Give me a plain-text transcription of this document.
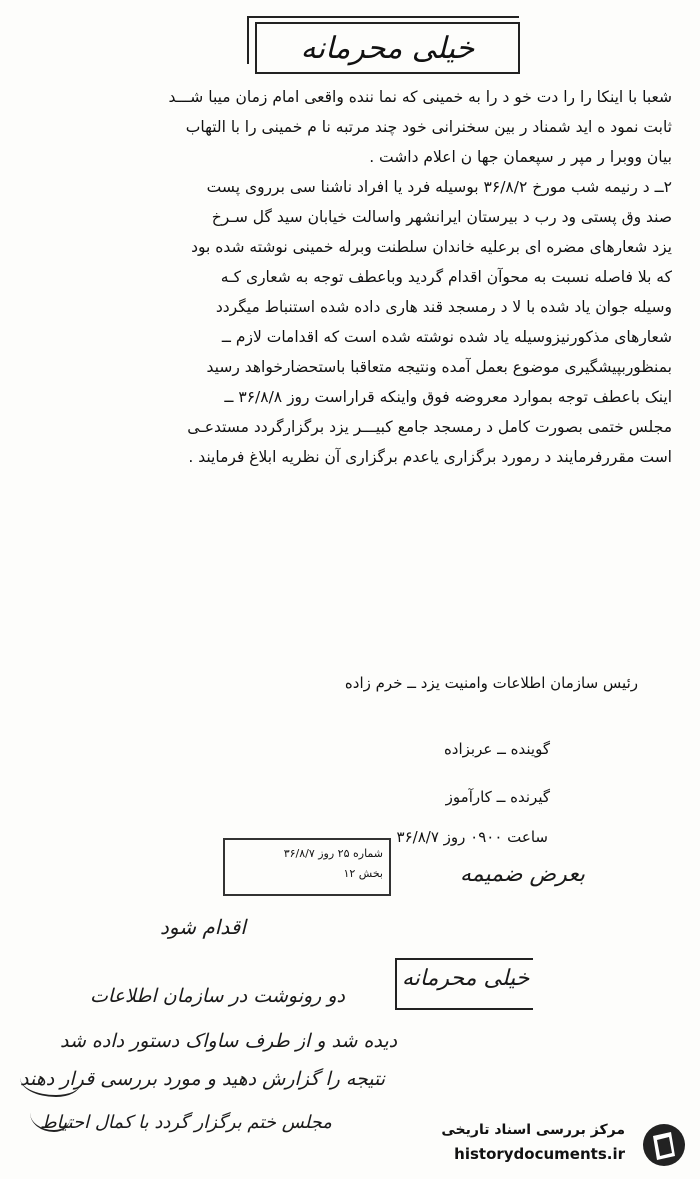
خیلی محرمانه
شعبا با اینکا را را دت خو د را به خمینی که نما ننده واقعی امام زمان میبا شـــد
ثابت نمود ه اید شمناد ر بین سخنرانی خود چند مرتبه نا م خمینی را با التهاب
بیان ووبرا ر مپر ر سپعمان جها ن اعلام داشت .
۲ــ د رنیمه شب مورخ ۳۶/۸/۲ بوسیله فرد یا افراد ناشنا سی برروی پست
صند وق پستی ود رب د بیرستان ایرانشهر واسالت خیابان سید گل سـرخ
یزد شعارهای مضره ای برعلیه خاندان سلطنت وبرله خمینی نوشته شده بود
که بلا فاصله نسبت به محوآن اقدام گردید وباعطف توجه به شعاری کـه
وسیله جوان یاد شده با لا د رمسجد قند هاری داده شده استنباط میگردد
شعارهای مذکورنیزوسیله یاد شده نوشته شده است که اقدامات لازم ــ
بمنظوربپیشگیری موضوع بعمل آمده ونتیجه متعاقبا باستحضارخواهد رسید
اینک باعطف توجه بموارد معروضه فوق واینکه قراراست روز ۳۶/۸/۸ ــ
مجلس ختمی بصورت کامل د رمسجد جامع کبیـــر یزد برگزارگردد مستدعـی
است مقررفرمایند د رمورد برگزاری یاعدم برگزاری آن نظریه ابلاغ فرمایند .
رئیس سازمان اطلاعات وامنیت یزد ــ خرم زاده
گوینده ــ عربزاده
گیرنده ــ کارآموز
ساعت ۰۹۰۰ روز ۳۶/۸/۷
شماره ۲۵ روز ۳۶/۸/۷
بخش ۱۲	بعرض ضمیمه
اقدام شود
خیلی محرمانه
دو رونوشت در سازمان اطلاعات
دیده شد و از طرف ساواک دستور داده شد
نتیجه را گزارش دهید و مورد بررسی قرار دهند
مجلس ختم برگزار گردد با کمال احتیاط	مرکز بررسی اسناد تاریخی
historydocuments.ir
